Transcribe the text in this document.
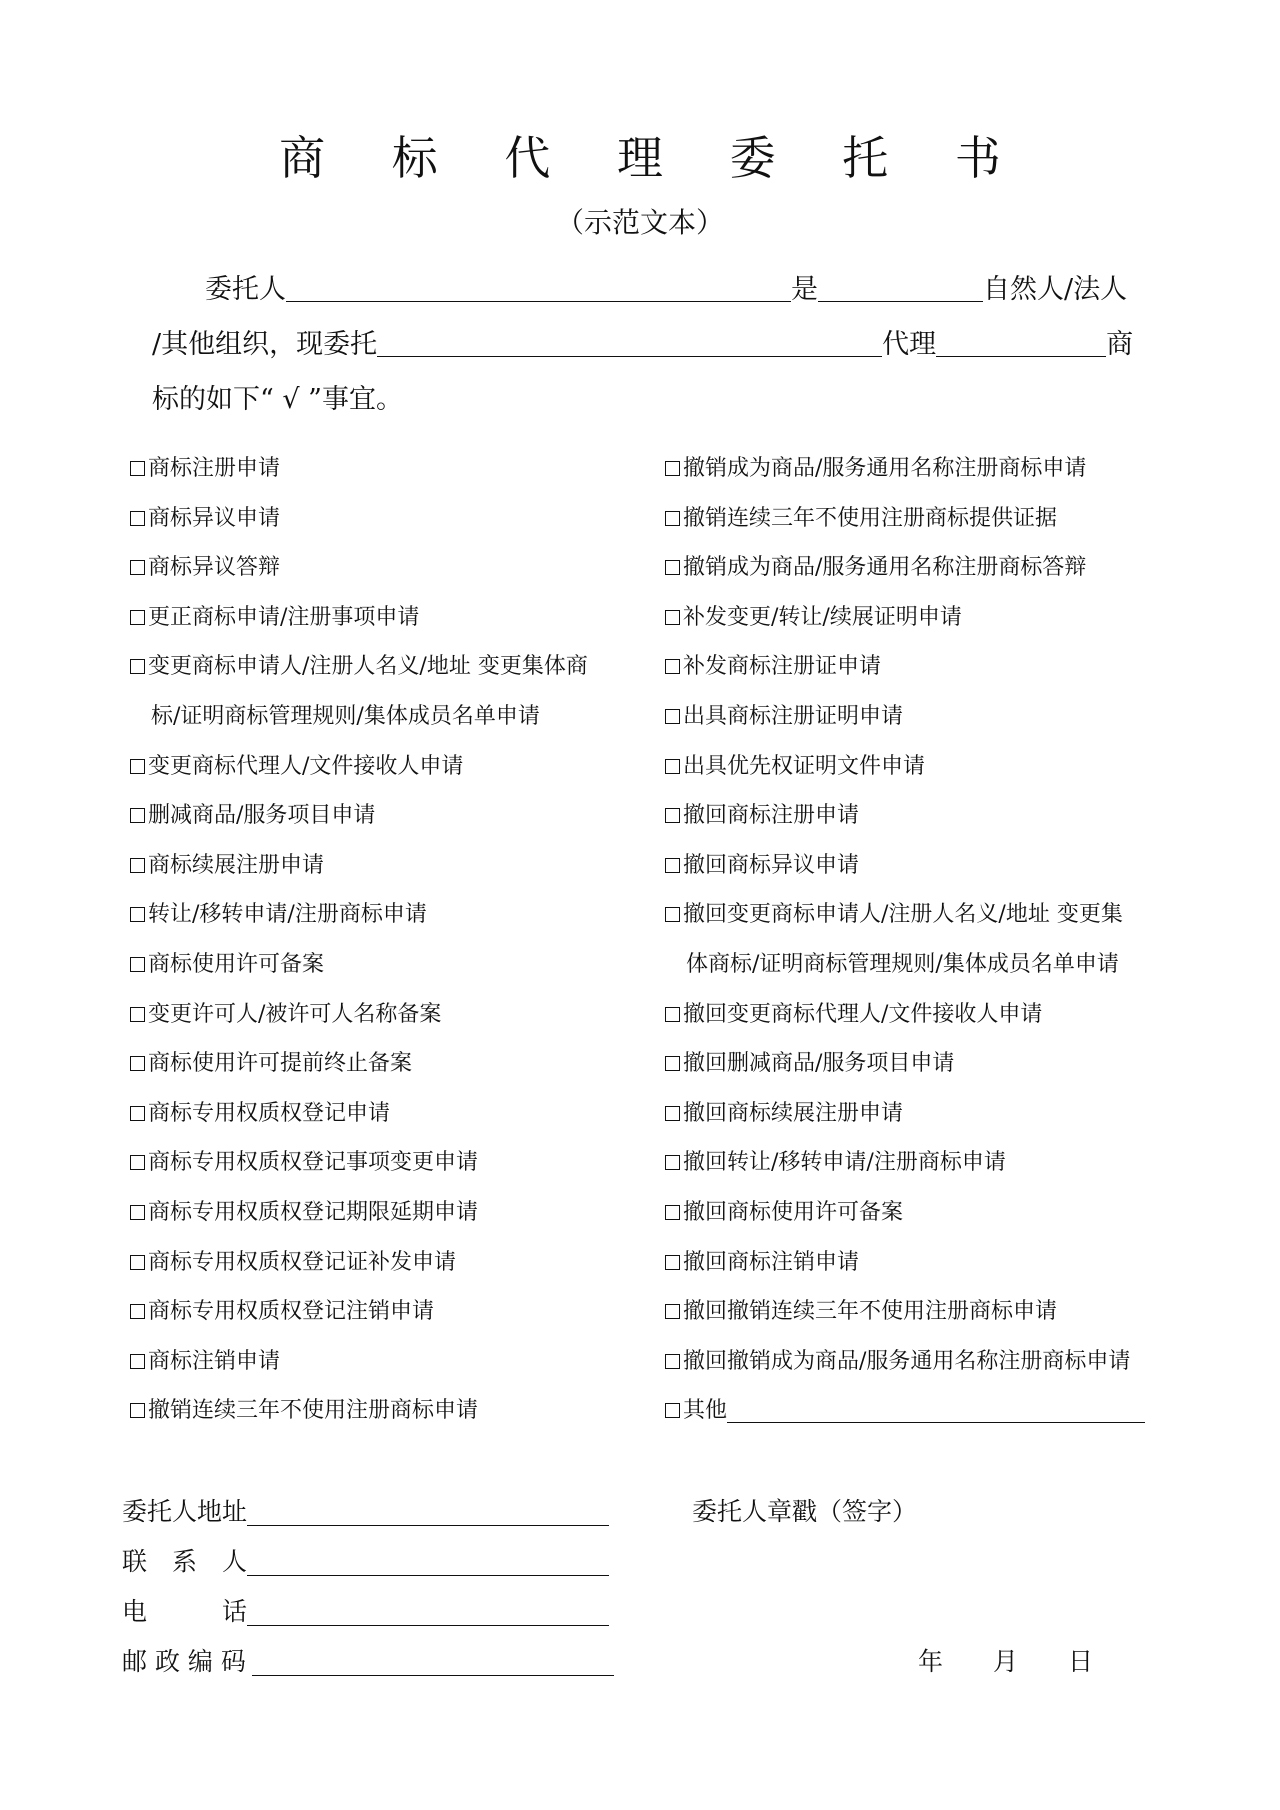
商 标 代 理 委 托 书
（示范文本）
委托人	是	自然人/法人
/其他组织，现委托	代理	商
标的如下“ √ ”事宜。
商标注册申请
商标异议申请
商标异议答辩
更正商标申请/注册事项申请
变更商标申请人/注册人名义/地址 变更集体商
标/证明商标管理规则/集体成员名单申请
变更商标代理人/文件接收人申请
删减商品/服务项目申请
商标续展注册申请
转让/移转申请/注册商标申请
商标使用许可备案
变更许可人/被许可人名称备案
商标使用许可提前终止备案
商标专用权质权登记申请
商标专用权质权登记事项变更申请
商标专用权质权登记期限延期申请
商标专用权质权登记证补发申请
商标专用权质权登记注销申请
商标注销申请
撤销连续三年不使用注册商标申请
撤销成为商品/服务通用名称注册商标申请
撤销连续三年不使用注册商标提供证据
撤销成为商品/服务通用名称注册商标答辩
补发变更/转让/续展证明申请
补发商标注册证申请
出具商标注册证明申请
出具优先权证明文件申请
撤回商标注册申请
撤回商标异议申请
撤回变更商标申请人/注册人名义/地址 变更集
体商标/证明商标管理规则/集体成员名单申请
撤回变更商标代理人/文件接收人申请
撤回删减商品/服务项目申请
撤回商标续展注册申请
撤回转让/移转申请/注册商标申请
撤回商标使用许可备案
撤回商标注销申请
撤回撤销连续三年不使用注册商标申请
撤回撤销成为商品/服务通用名称注册商标申请
其他
委托人地址
联　系　人
电　　　话
邮 政 编 码
委托人章戳（签字）
年 月 日
